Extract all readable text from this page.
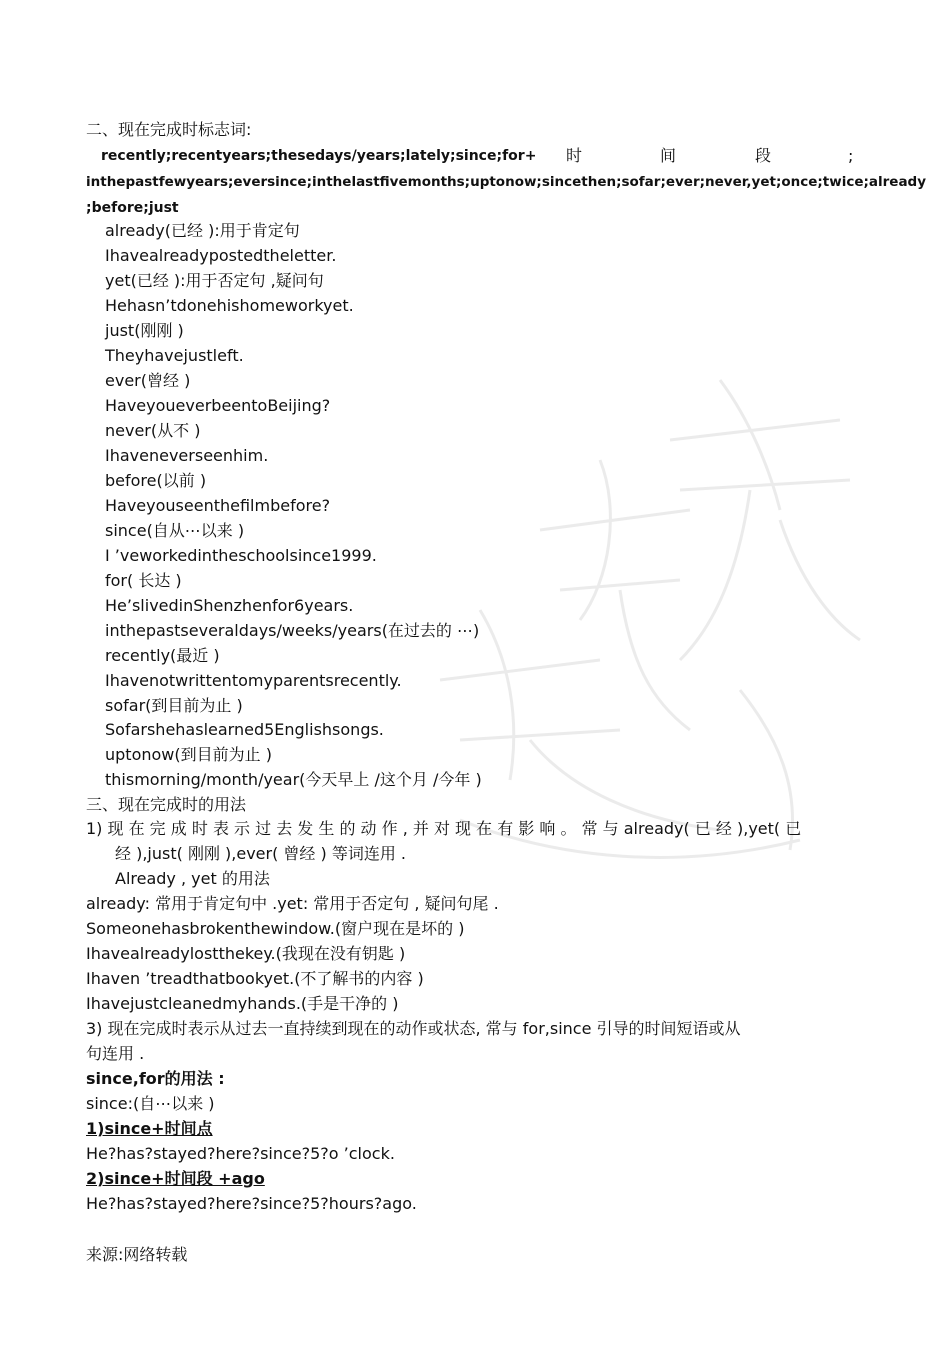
二、现在完成时标志词:
recently;recentyears;thesedays/years;lately;since;for+ 时	间	段	;
inthepastfewyears;eversince;inthelastfivemonths;uptonow;sincethen;sofar;ever;never,yet;once;twice;already
;before;just
already(已经 ):用于肯定句
Ihavealreadypostedtheletter.
yet(已经 ):用于否定句 ,疑问句
Hehasn’tdonehishomeworkyet.
just(刚刚 )
Theyhavejustleft.
ever(曾经 )
HaveyoueverbeentoBeijing?
never(从不 )
Ihaveneverseenhim.
before(以前 )
Haveyouseenthefilmbefore?
since(自从⋯以来 )
I ’veworkedintheschoolsince1999.
for( 长达 )
He’slivedinShenzhenfor6years.
inthepastseveraldays/weeks/years(在过去的 ⋯)
recently(最近 )
Ihavenotwrittentomyparentsrecently.
sofar(到目前为止 )
Sofarshehaslearned5Englishsongs.
uptonow(到目前为止 )
thismorning/month/year(今天早上 /这个月 /今年 )
三、现在完成时的用法
1) 现 在 完 成 时 表 示 过 去 发 生 的 动 作 , 并 对 现 在 有 影 响 。 常 与 already( 已 经 ),yet( 已
经 ),just( 刚刚 ),ever( 曾经 ) 等词连用 .
Already , yet 的用法
already: 常用于肯定句中 .yet: 常用于否定句 , 疑问句尾 .
Someonehasbrokenthewindow.(窗户现在是坏的 )
Ihavealreadylostthekey.(我现在没有钥匙 )
Ihaven ’treadthatbookyet.(不了解书的内容 )
Ihavejustcleanedmyhands.(手是干净的 )
3) 现在完成时表示从过去一直持续到现在的动作或状态, 常与 for,since 引导的时间短语或从
句连用 .
since,for的用法 :
since:(自⋯以来 )
1)since+时间点
He?has?stayed?here?since?5?o ’clock.
2)since+时间段 +ago
He?has?stayed?here?since?5?hours?ago.
来源:网络转载
